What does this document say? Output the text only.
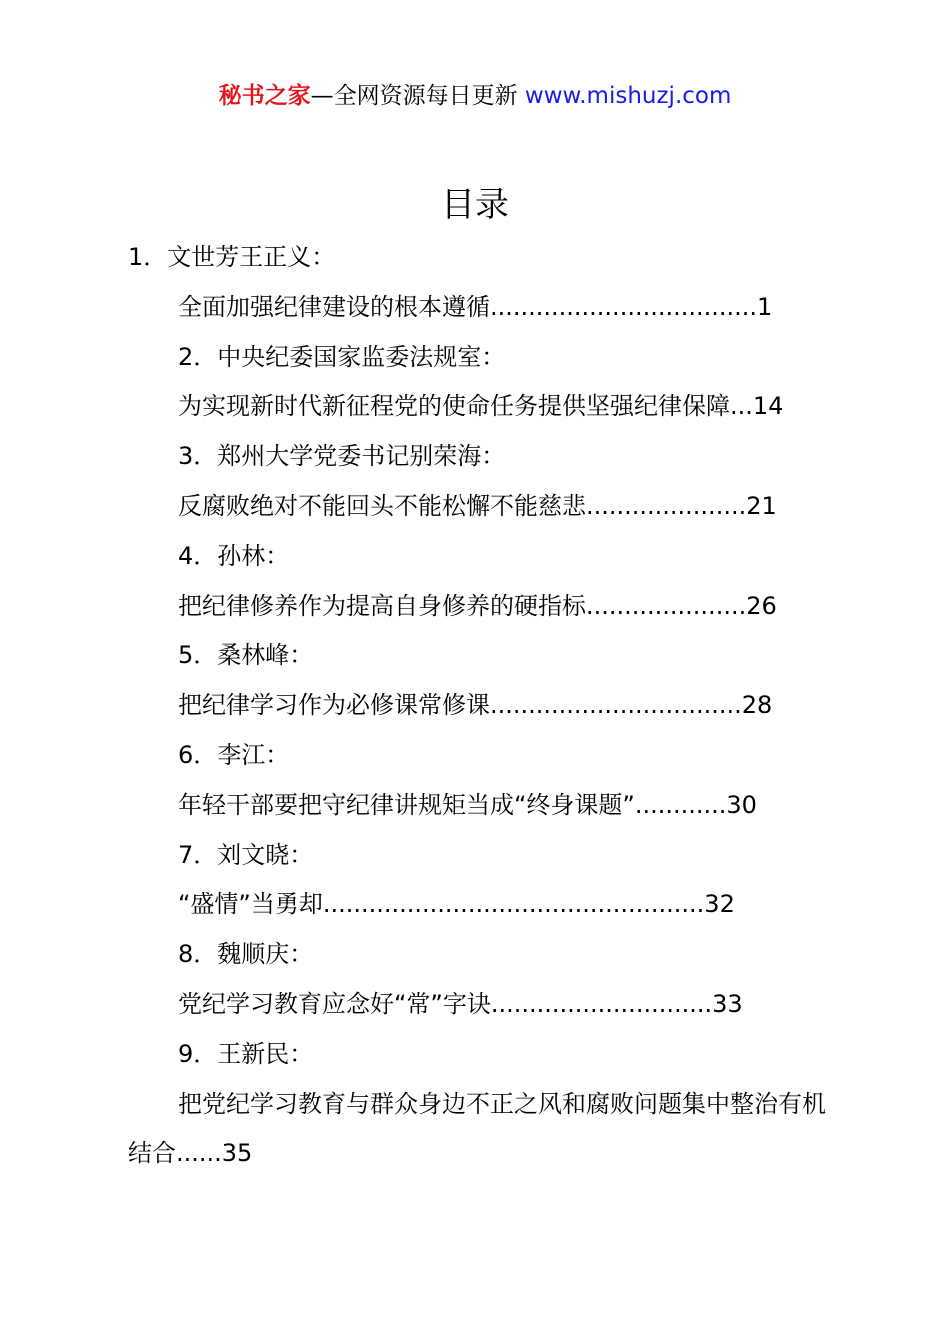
秘书之家—全网资源每日更新 www.mishuzj.com
目录
1．文世芳王正义：
全面加强纪律建设的根本遵循...................................1
2．中央纪委国家监委法规室：
为实现新时代新征程党的使命任务提供坚强纪律保障...14
3．郑州大学党委书记别荣海：
反腐败绝对不能回头不能松懈不能慈悲.....................21
4．孙林：
把纪律修养作为提高自身修养的硬指标.....................26
5．桑林峰：
把纪律学习作为必修课常修课.................................28
6．李江：
年轻干部要把守纪律讲规矩当成“终身课题”............30
7．刘文晓：
“盛情”当勇却..................................................32
8．魏顺庆：
党纪学习教育应念好“常”字诀.............................33
9．王新民：
把党纪学习教育与群众身边不正之风和腐败问题集中整治有机结合......35
